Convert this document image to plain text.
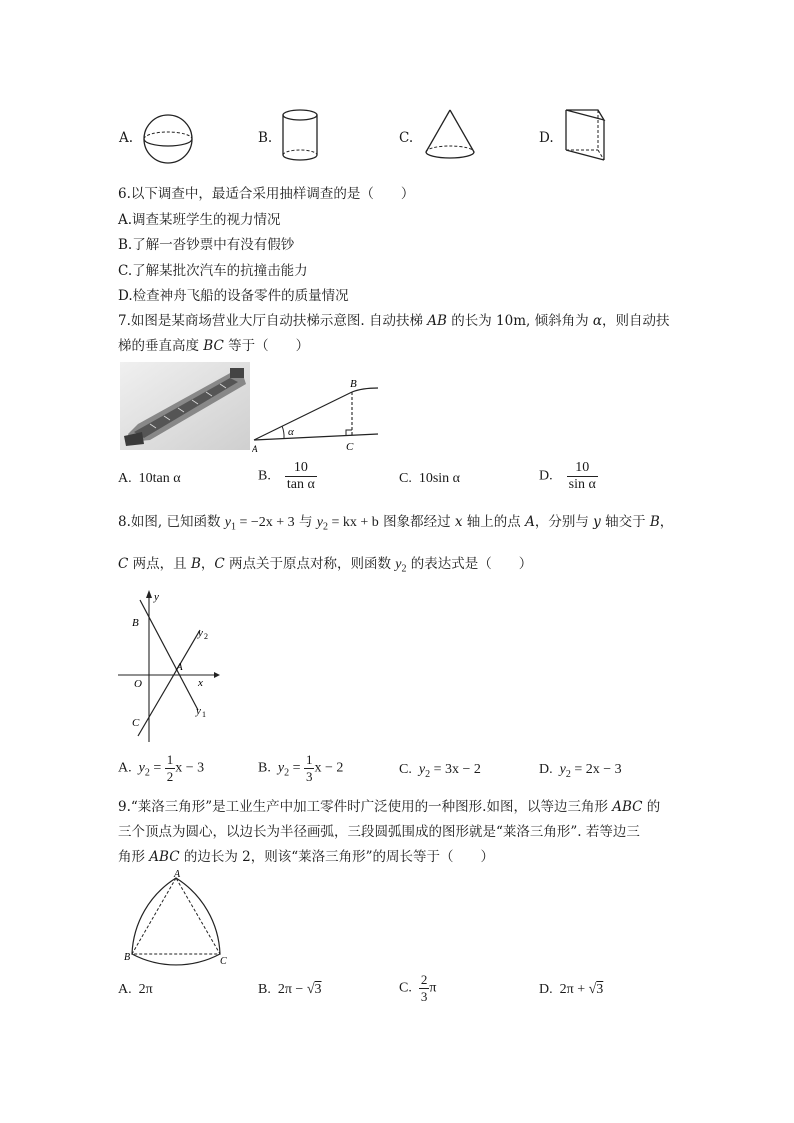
A.	B.	C.	D.
6.以下调查中，最适合采用抽样调查的是（　　）
A.调查某班学生的视力情况
B.了解一沓钞票中有没有假钞
C.了解某批次汽车的抗撞击能力
D.检查神舟飞船的设备零件的质量情况
7.如图是某商场营业大厅自动扶梯示意图. 自动扶梯 AB 的长为 10m, 倾斜角为 α，则自动扶
梯的垂直高度 BC 等于（　　）
B
A	C
α
A. 10tan α	B. $\frac{10}{\text{tan α}}$	C. 10sin α	D. $\frac{10}{\text{sin α}}$
8.如图, 已知函数 $y_1 = -2x + 3$ 与 $y_2$ = kx + b 图象都经过 x 轴上的点 A，分别与 y 轴交于 B，
C 两点，且 B，C 两点关于原点对称，则函数 $y_2$ 的表达式是（　　）
y
B
y 2
A
O	x
C
y 1
A. $y_2 = \frac{1}{2}$ x − 3	B. $y_2 = \frac{1}{3}$ x − 2	C. $y_2 = 3x - 2$	D. $y_2 = 2x - 3$
9.“莱洛三角形”是工业生产中加工零件时广泛使用的一种图形.如图，以等边三角形 ABC 的
三个顶点为圆心，以边长为半径画弧，三段圆弧围成的图形就是“莱洛三角形”. 若等边三
角形 ABC 的边长为 2，则该“莱洛三角形”的周长等于（　　）
A
B	C
A. 2π	B. 2π − √3	C. $\frac{2}{3}$ π	D. 2π + √3
